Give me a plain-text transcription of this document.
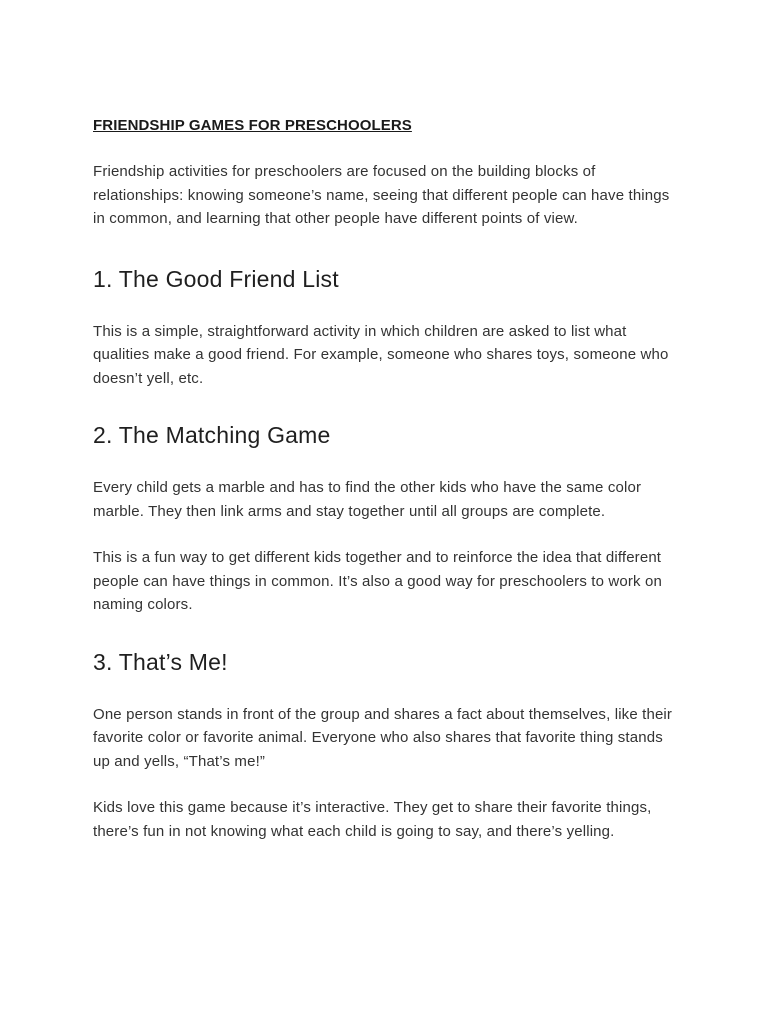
FRIENDSHIP GAMES FOR PRESCHOOLERS

Friendship activities for preschoolers are focused on the building blocks of relationships: knowing someone’s name, seeing that different people can have things in common, and learning that other people have different points of view.

1. The Good Friend List

This is a simple, straightforward activity in which children are asked to list what qualities make a good friend. For example, someone who shares toys, someone who doesn’t yell, etc.

2. The Matching Game

Every child gets a marble and has to find the other kids who have the same color marble. They then link arms and stay together until all groups are complete.

This is a fun way to get different kids together and to reinforce the idea that different people can have things in common. It’s also a good way for preschoolers to work on naming colors.

3. That’s Me!

One person stands in front of the group and shares a fact about themselves, like their favorite color or favorite animal. Everyone who also shares that favorite thing stands up and yells, “That’s me!”

Kids love this game because it’s interactive. They get to share their favorite things, there’s fun in not knowing what each child is going to say, and there’s yelling.
